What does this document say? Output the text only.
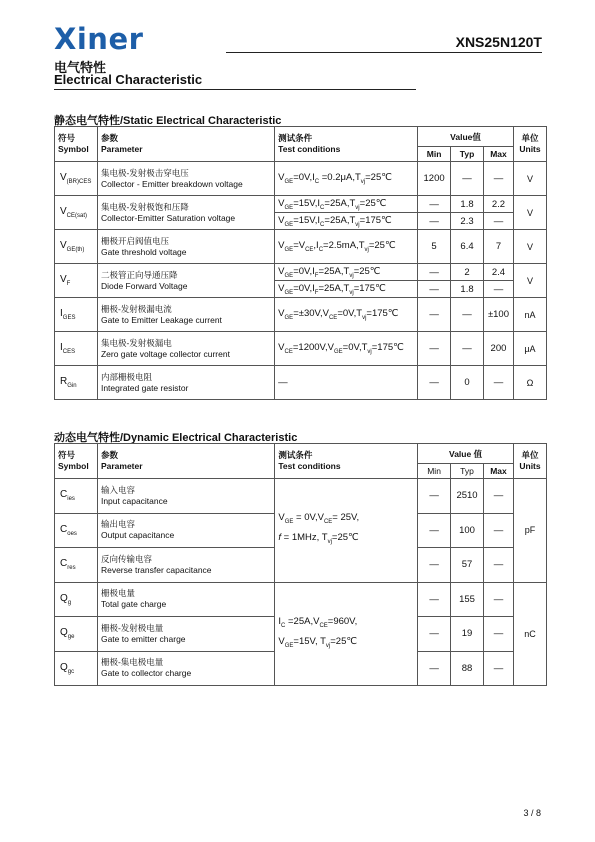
Xiner	XNS25N120T
电气特性
Electrical Characteristic
静态电气特性/Static Electrical Characteristic
符号
Symbol	参数
Parameter	测试条件
Test conditions	Value值			单位
Units
			Min	Typ	Max	
$V_{(BR)CES}$	集电极-发射极击穿电压
Collector - Emitter breakdown voltage	$V_{GE}=0V,I_C$ $=0.2\mu A,T_{vj}=25℃$	1200	—	—	V
$V_{CE(sat)}$	集电极-发射极饱和压降
Collector-Emitter Saturation voltage	$V_{GE}=15V,I_C=25A,T_{vj}=25℃$	—	1.8	2.2	V
		$V_{GE}=15V,I_C=25A,T_{vj}=175℃$	—	2.3	—	
$V_{GE(th)}$	栅极开启阀值电压
Gate threshold voltage	$V_{GE}=V_{CE},I_C=2.5mA,T_{vj}=25℃$	5	6.4	7	V
$V_F$	二极管正向导通压降
Diode Forward Voltage	$V_{GE}=0V,I_F=25A,T_{vj}=25℃$	—	2	2.4	V
		$V_{GE}=0V,I_F=25A,T_{vj}=175℃$	—	1.8	—	
$I_{GES}$	栅极-发射极漏电流
Gate to Emitter Leakage current	$V_{GE}=\pm 30V,V_{CE}=0V,T_{vj}=175℃$	—	—	±100	nA
$I_{CES}$	集电极-发射极漏电
Zero gate voltage collector current	$V_{CE}=1200V,V_{GE}=0V,T_{vj}=175℃$	—	—	200	μA
$R_{Gin}$	内部栅极电阻
Integrated gate resistor	—	—	0	—	Ω
动态电气特性/Dynamic Electrical Characteristic
符号
Symbol	参数
Parameter	测试条件
Test conditions	Value 值			单位
Units
			Min	Typ	Max	
$C_{ies}$	输入电容
Input capacitance	$V_{GE} = 0V,V_{CE}= 25V$,
f = 1MHz, $T_{vj}=25℃$	—	2510	—	pF
$C_{oes}$	输出电容
Output capacitance		—	100	—	
$C_{res}$	反向传输电容
Reverse transfer capacitance		—	57	—	
$Q_g$	栅极电量
Total gate charge	$I_C =25A,V_{CE}=960V$,
$V_{GE}=15V$, $T_{vj}=25℃$	—	155	—	nC
$Q_{ge}$	栅极-发射极电量
Gate to emitter charge		—	19	—	
$Q_{gc}$	栅极-集电极电量
Gate to collector charge		—	88	—	
3 / 8
